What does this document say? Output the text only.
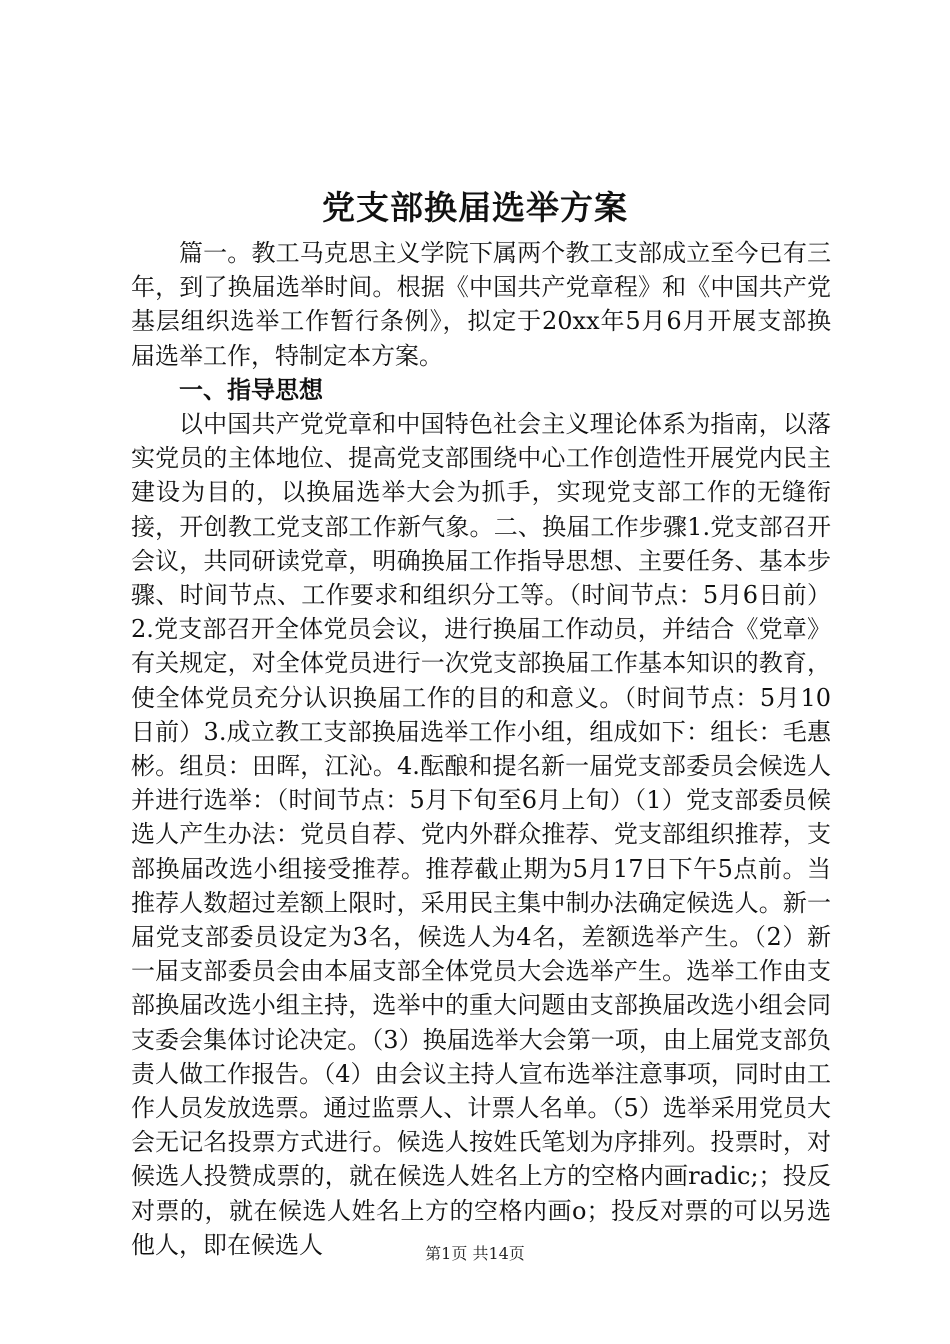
党支部换届选举方案

篇一。教工马克思主义学院下属两个教工支部成立至今已有三年，到了换届选举时间。根据《中国共产党章程》和《中国共产党基层组织选举工作暂行条例》，拟定于20xx年5月6月开展支部换届选举工作，特制定本方案。

一、指导思想

以中国共产党党章和中国特色社会主义理论体系为指南，以落实党员的主体地位、提高党支部围绕中心工作创造性开展党内民主建设为目的，以换届选举大会为抓手，实现党支部工作的无缝衔接，开创教工党支部工作新气象。二、换届工作步骤1.党支部召开会议，共同研读党章，明确换届工作指导思想、主要任务、基本步骤、时间节点、工作要求和组织分工等。（时间节点：5月6日前）2.党支部召开全体党员会议，进行换届工作动员，并结合《党章》有关规定，对全体党员进行一次党支部换届工作基本知识的教育，使全体党员充分认识换届工作的目的和意义。（时间节点：5月10日前）3.成立教工支部换届选举工作小组，组成如下：组长：毛惠彬。组员：田晖，江沁。4.酝酿和提名新一届党支部委员会候选人并进行选举：（时间节点：5月下旬至6月上旬）（1）党支部委员候选人产生办法：党员自荐、党内外群众推荐、党支部组织推荐，支部换届改选小组接受推荐。推荐截止期为5月17日下午5点前。当推荐人数超过差额上限时，采用民主集中制办法确定候选人。新一届党支部委员设定为3名，候选人为4名，差额选举产生。（2）新一届支部委员会由本届支部全体党员大会选举产生。选举工作由支部换届改选小组主持，选举中的重大问题由支部换届改选小组会同支委会集体讨论决定。（3）换届选举大会第一项，由上届党支部负责人做工作报告。（4）由会议主持人宣布选举注意事项，同时由工作人员发放选票。通过监票人、计票人名单。（5）选举采用党员大会无记名投票方式进行。候选人按姓氏笔划为序排列。投票时，对候选人投赞成票的，就在候选人姓名上方的空格内画radic;；投反对票的，就在候选人姓名上方的空格内画o；投反对票的可以另选他人，即在候选人	第1页 共14页
